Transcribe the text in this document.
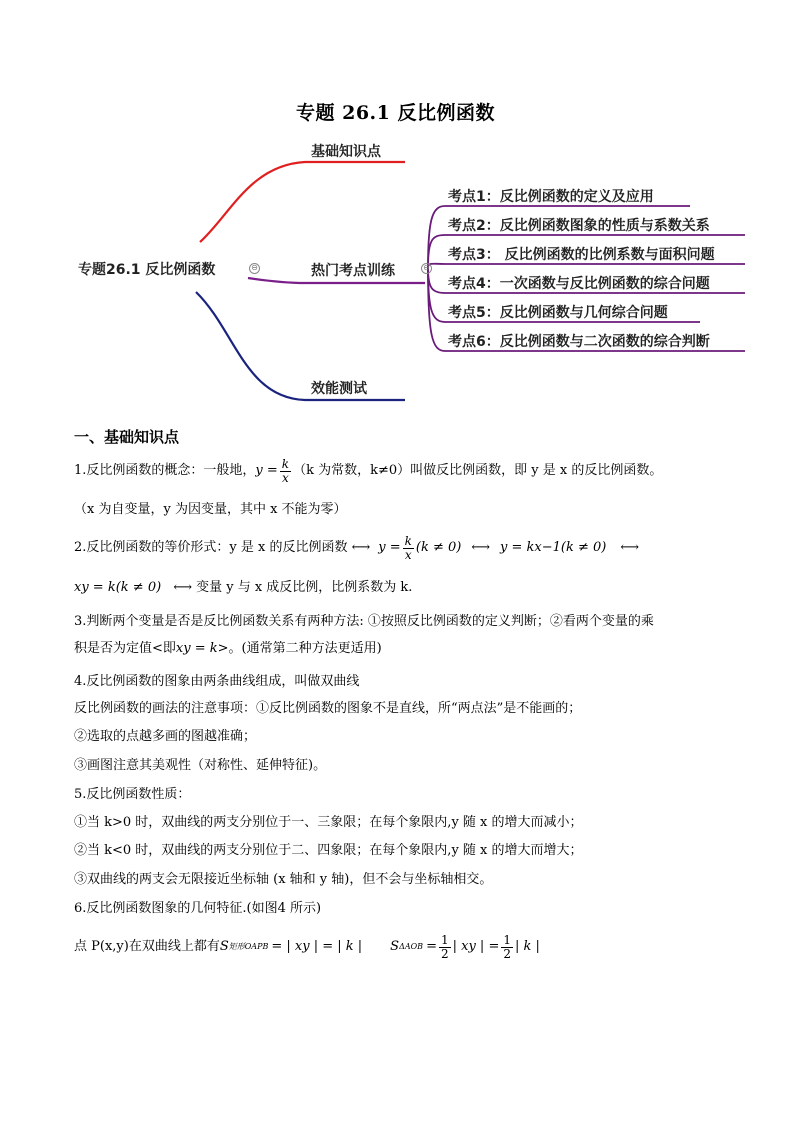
专题 26.1 反比例函数
专题26.1 反比例函数	⊖
基础知识点
热门考点训练	⊖
效能测试
考点1：反比例函数的定义及应用
考点2：反比例函数图象的性质与系数关系
考点3： 反比例函数的比例系数与面积问题
考点4：一次函数与反比例函数的综合问题
考点5：反比例函数与几何综合问题
考点6：反比例函数与二次函数的综合判断
一、基础知识点
1.反比例函数的概念：一般地， $y = \frac{k}{x} (k$ 为常数，k≠0）叫做反比例函数，即 y 是 x 的反比例函数。
（x 为自变量，y 为因变量，其中 x 不能为零）
2.反比例函数的等价形式：y 是 x 的反比例函数 ⟷ $y = \frac{k}{x} (k \ne 0)$ ⟷ y = kx −1 (k ≠ 0) ⟷
xy = k(k ≠ 0) ⟷ 变量 y 与 x 成反比例，比例系数为 k.
3.判断两个变量是否是反比例函数关系有两种方法: ①按照反比例函数的定义判断；②看两个变量的乘
积是否为定值<即xy = k>。(通常第二种方法更适用)
4.反比例函数的图象由两条曲线组成，叫做双曲线
反比例函数的画法的注意事项：①反比例函数的图象不是直线，所“两点法”是不能画的；
②选取的点越多画的图越准确；
③画图注意其美观性（对称性、延伸特征)。
5.反比例函数性质：
①当 k>0 时，双曲线的两支分别位于一、三象限；在每个象限内,y 随 x 的增大而减小；
②当 k<0 时，双曲线的两支分别位于二、四象限；在每个象限内,y 随 x 的增大而增大；
③双曲线的两支会无限接近坐标轴 (x 轴和 y 轴)，但不会与坐标轴相交。
6.反比例函数图象的几何特征.(如图4 所示)
点 P(x,y)在双曲线上都有 S 矩形OAPB = | xy | = | k | S $\Delta AOB = \frac{1}{2}$ | xy | = $\frac{1}{2}$ | k |
